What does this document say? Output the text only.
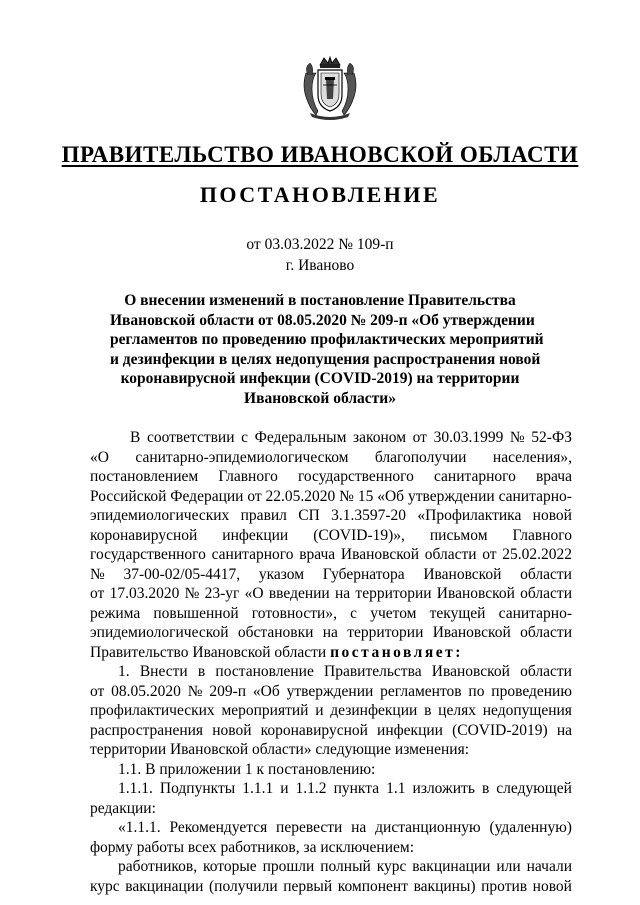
ПРАВИТЕЛЬСТВО ИВАНОВСКОЙ ОБЛАСТИ
ПОСТАНОВЛЕНИЕ
от 03.03.2022 № 109-п
г. Иваново
О внесении изменений в постановление Правительства
Ивановской области от 08.05.2020 № 209-п «Об утверждении
регламентов по проведению профилактических мероприятий
и дезинфекции в целях недопущения распространения новой
коронавирусной инфекции (COVID-2019) на территории
Ивановской области»
В соответствии с Федеральным законом от 30.03.1999 № 52-ФЗ
«О санитарно-эпидемиологическом благополучии населения»,
постановлением Главного государственного санитарного врача
Российской Федерации от 22.05.2020 № 15 «Об утверждении санитарно-
эпидемиологических правил СП 3.1.3597-20 «Профилактика новой
коронавирусной инфекции (COVID-19)», письмом Главного
государственного санитарного врача Ивановской области от 25.02.2022
№ 37-00-02/05-4417, указом Губернатора Ивановской области
от 17.03.2020 № 23-уг «О введении на территории Ивановской области
режима повышенной готовности», с учетом текущей санитарно-
эпидемиологической обстановки на территории Ивановской области
Правительство Ивановской области постановляет:
1. Внести в постановление Правительства Ивановской области
от 08.05.2020 № 209-п «Об утверждении регламентов по проведению
профилактических мероприятий и дезинфекции в целях недопущения
распространения новой коронавирусной инфекции (COVID-2019) на
территории Ивановской области» следующие изменения:
1.1. В приложении 1 к постановлению:
1.1.1. Подпункты 1.1.1 и 1.1.2 пункта 1.1 изложить в следующей
редакции:
«1.1.1. Рекомендуется перевести на дистанционную (удаленную)
форму работы всех работников, за исключением:
работников, которые прошли полный курс вакцинации или начали
курс вакцинации (получили первый компонент вакцины) против новой
